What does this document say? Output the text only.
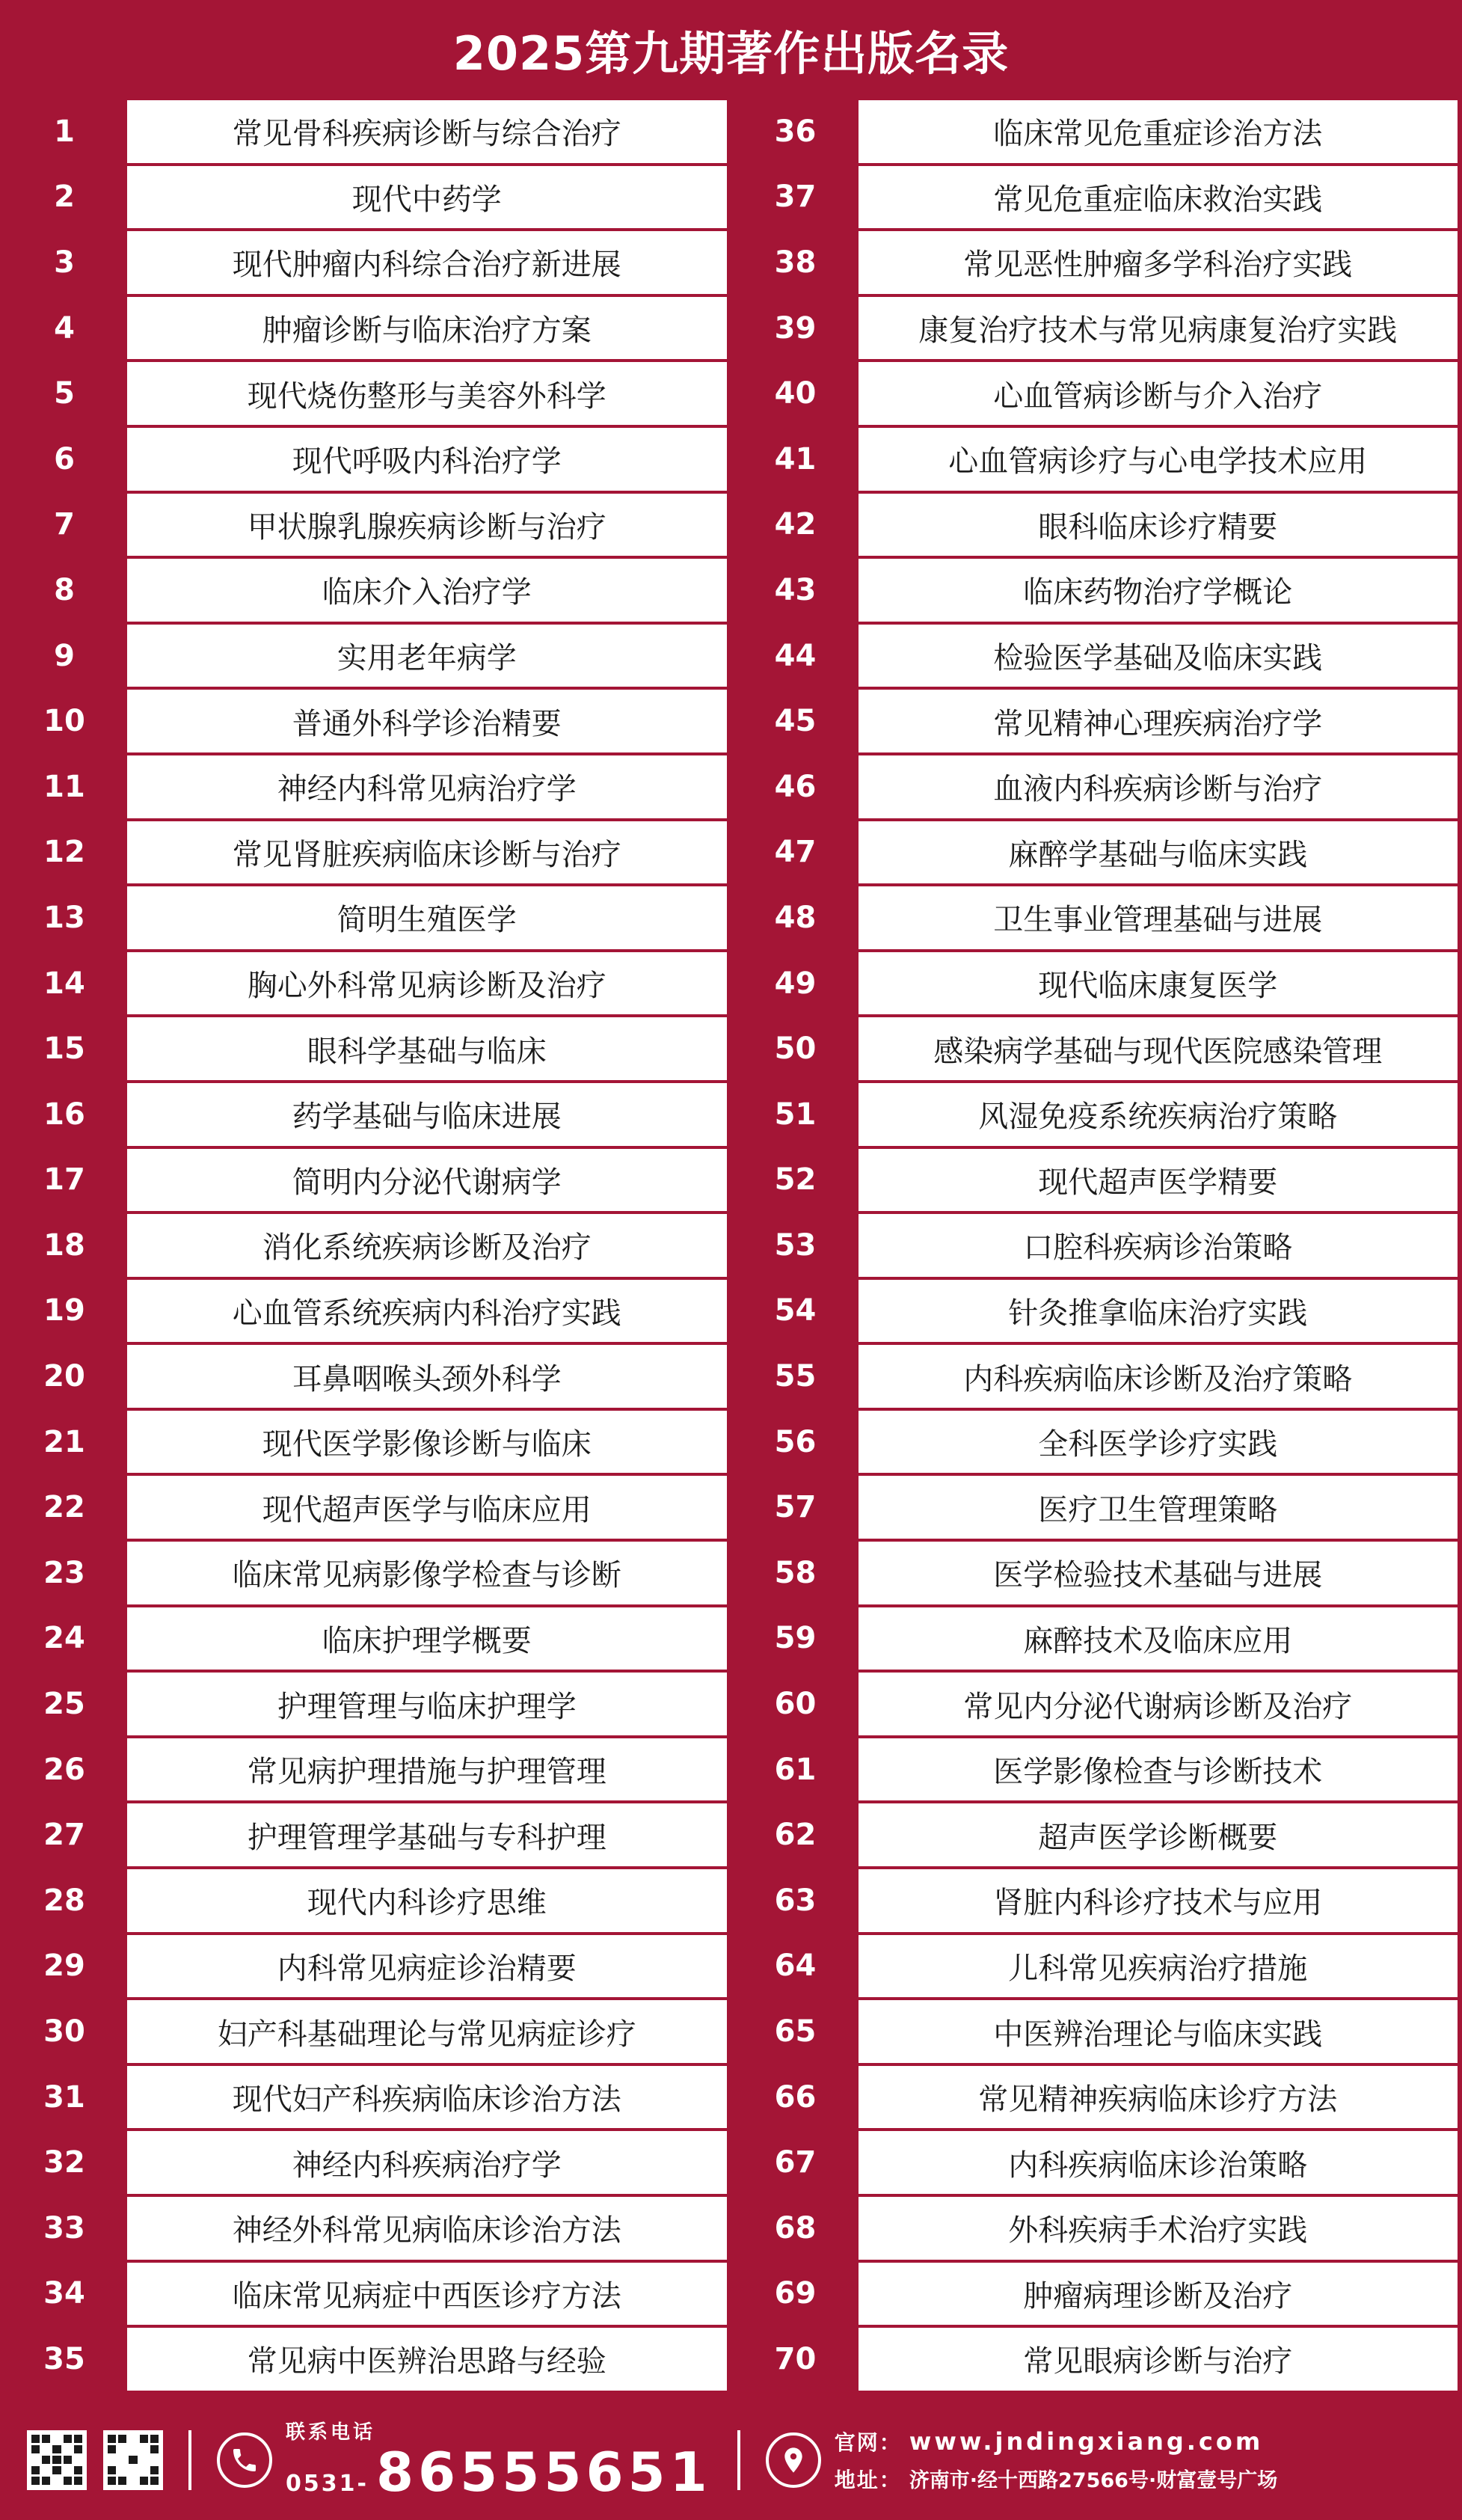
2025第九期著作出版名录
1	常见骨科疾病诊断与综合治疗
2	现代中药学
3	现代肿瘤内科综合治疗新进展
4	肿瘤诊断与临床治疗方案
5	现代烧伤整形与美容外科学
6	现代呼吸内科治疗学
7	甲状腺乳腺疾病诊断与治疗
8	临床介入治疗学
9	实用老年病学
10	普通外科学诊治精要
11	神经内科常见病治疗学
12	常见肾脏疾病临床诊断与治疗
13	简明生殖医学
14	胸心外科常见病诊断及治疗
15	眼科学基础与临床
16	药学基础与临床进展
17	简明内分泌代谢病学
18	消化系统疾病诊断及治疗
19	心血管系统疾病内科治疗实践
20	耳鼻咽喉头颈外科学
21	现代医学影像诊断与临床
22	现代超声医学与临床应用
23	临床常见病影像学检查与诊断
24	临床护理学概要
25	护理管理与临床护理学
26	常见病护理措施与护理管理
27	护理管理学基础与专科护理
28	现代内科诊疗思维
29	内科常见病症诊治精要
30	妇产科基础理论与常见病症诊疗
31	现代妇产科疾病临床诊治方法
32	神经内科疾病治疗学
33	神经外科常见病临床诊治方法
34	临床常见病症中西医诊疗方法
35	常见病中医辨治思路与经验
36	临床常见危重症诊治方法
37	常见危重症临床救治实践
38	常见恶性肿瘤多学科治疗实践
39	康复治疗技术与常见病康复治疗实践
40	心血管病诊断与介入治疗
41	心血管病诊疗与心电学技术应用
42	眼科临床诊疗精要
43	临床药物治疗学概论
44	检验医学基础及临床实践
45	常见精神心理疾病治疗学
46	血液内科疾病诊断与治疗
47	麻醉学基础与临床实践
48	卫生事业管理基础与进展
49	现代临床康复医学
50	感染病学基础与现代医院感染管理
51	风湿免疫系统疾病治疗策略
52	现代超声医学精要
53	口腔科疾病诊治策略
54	针灸推拿临床治疗实践
55	内科疾病临床诊断及治疗策略
56	全科医学诊疗实践
57	医疗卫生管理策略
58	医学检验技术基础与进展
59	麻醉技术及临床应用
60	常见内分泌代谢病诊断及治疗
61	医学影像检查与诊断技术
62	超声医学诊断概要
63	肾脏内科诊疗技术与应用
64	儿科常见疾病治疗措施
65	中医辨治理论与临床实践
66	常见精神疾病临床诊疗方法
67	内科疾病临床诊治策略
68	外科疾病手术治疗实践
69	肿瘤病理诊断及治疗
70	常见眼病诊断与治疗
联系电话
0531- 86555651	官网： www.jndingxiang.com
地址： 济南市·经十西路27566号·财富壹号广场
